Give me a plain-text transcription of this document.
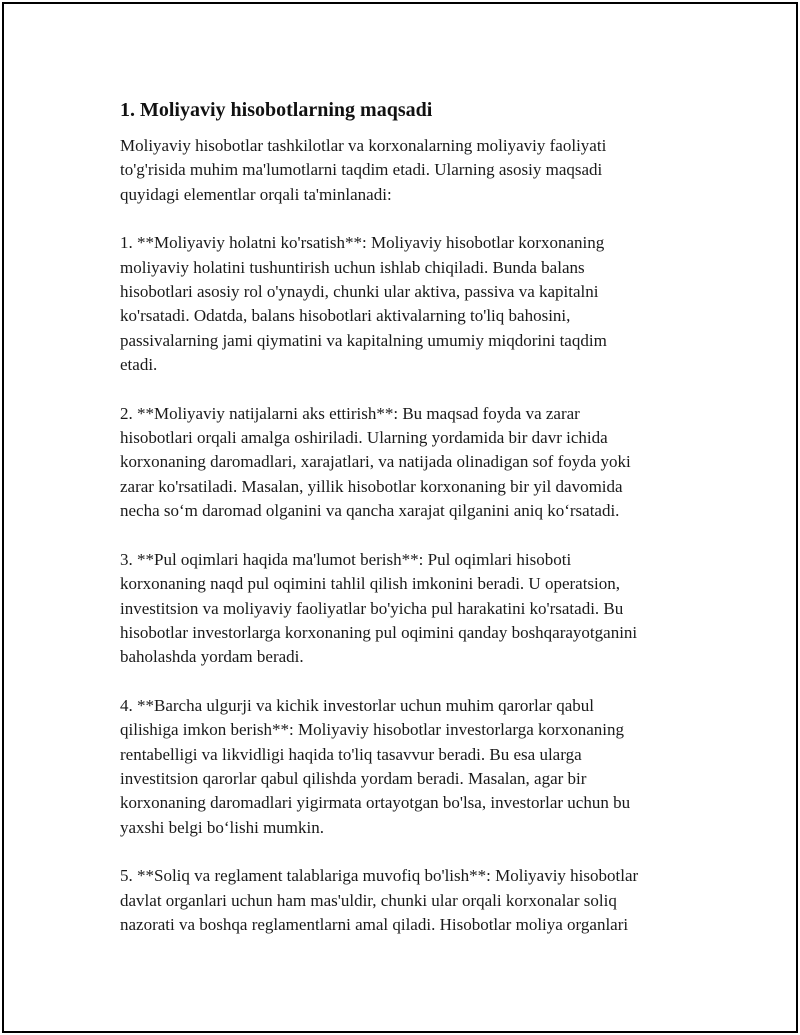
1. Moliyaviy hisobotlarning maqsadi

Moliyaviy hisobotlar tashkilotlar va korxonalarning moliyaviy faoliyati
to'g'risida muhim ma'lumotlarni taqdim etadi. Ularning asosiy maqsadi
quyidagi elementlar orqali ta'minlanadi:

1. **Moliyaviy holatni ko'rsatish**: Moliyaviy hisobotlar korxonaning
moliyaviy holatini tushuntirish uchun ishlab chiqiladi. Bunda balans
hisobotlari asosiy rol o'ynaydi, chunki ular aktiva, passiva va kapitalni
ko'rsatadi. Odatda, balans hisobotlari aktivalarning to'liq bahosini,
passivalarning jami qiymatini va kapitalning umumiy miqdorini taqdim
etadi.

2. **Moliyaviy natijalarni aks ettirish**: Bu maqsad foyda va zarar
hisobotlari orqali amalga oshiriladi. Ularning yordamida bir davr ichida
korxonaning daromadlari, xarajatlari, va natijada olinadigan sof foyda yoki
zarar ko'rsatiladi. Masalan, yillik hisobotlar korxonaning bir yil davomida
necha so‘m daromad olganini va qancha xarajat qilganini aniq ko‘rsatadi.

3. **Pul oqimlari haqida ma'lumot berish**: Pul oqimlari hisoboti
korxonaning naqd pul oqimini tahlil qilish imkonini beradi. U operatsion,
investitsion va moliyaviy faoliyatlar bo'yicha pul harakatini ko'rsatadi. Bu
hisobotlar investorlarga korxonaning pul oqimini qanday boshqarayotganini
baholashda yordam beradi.

4. **Barcha ulgurji va kichik investorlar uchun muhim qarorlar qabul
qilishiga imkon berish**: Moliyaviy hisobotlar investorlarga korxonaning
rentabelligi va likvidligi haqida to'liq tasavvur beradi. Bu esa ularga
investitsion qarorlar qabul qilishda yordam beradi. Masalan, agar bir
korxonaning daromadlari yigirmata ortayotgan bo'lsa, investorlar uchun bu
yaxshi belgi bo‘lishi mumkin.

5. **Soliq va reglament talablariga muvofiq bo'lish**: Moliyaviy hisobotlar
davlat organlari uchun ham mas'uldir, chunki ular orqali korxonalar soliq
nazorati va boshqa reglamentlarni amal qiladi. Hisobotlar moliya organlari
